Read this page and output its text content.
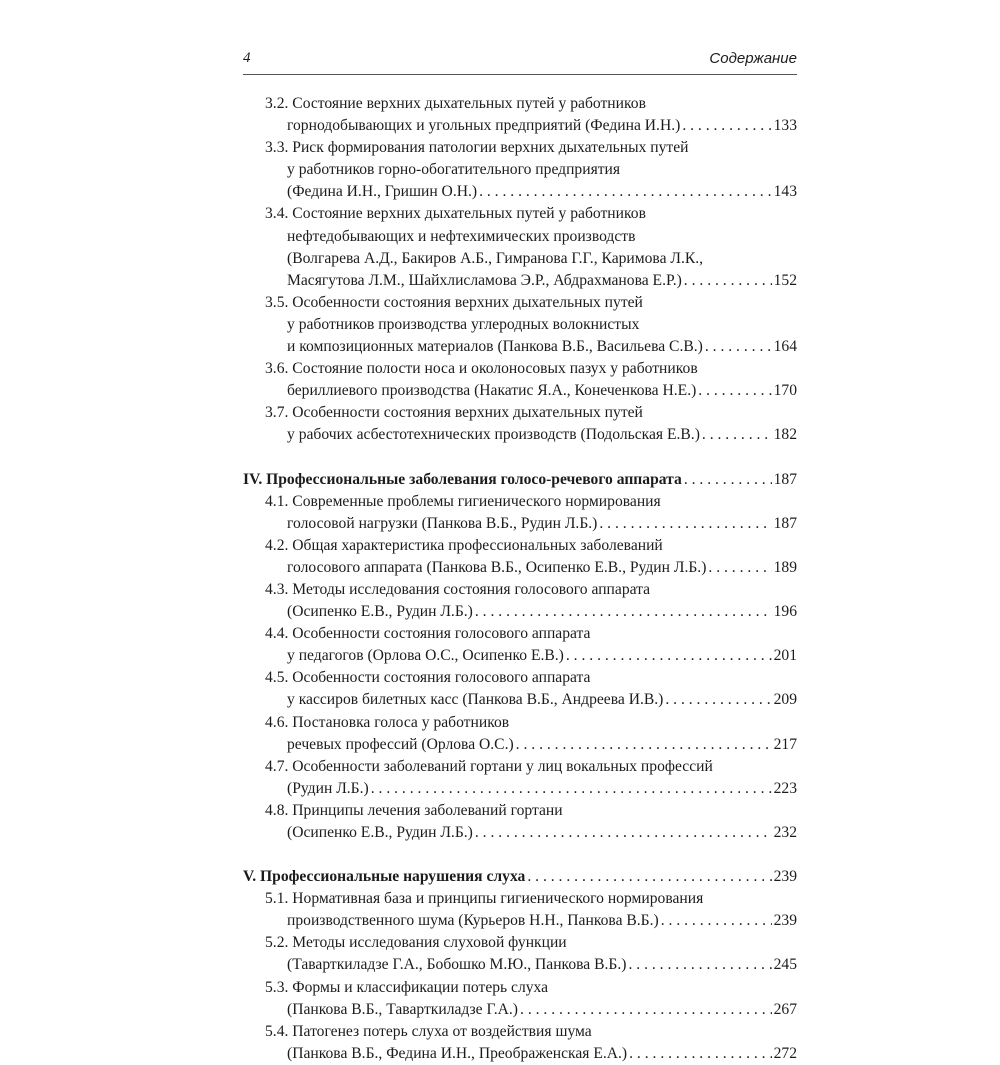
4	Содержание
3.2. Состояние верхних дыхательных путей у работников
горнодобывающих и угольных предприятий (Федина И.Н.) . . .	133
3.3. Риск формирования патологии верхних дыхательных путей
у работников горно-обогатительного предприятия
(Федина И.Н., Гришин О.Н.) . . .	143
3.4. Состояние верхних дыхательных путей у работников
нефтедобывающих и нефтехимических производств
(Волгарева А.Д., Бакиров А.Б., Гимранова Г.Г., Каримова Л.К.,
Масягутова Л.М., Шайхлисламова Э.Р., Абдрахманова Е.Р.) . . .	152
3.5. Особенности состояния верхних дыхательных путей
у работников производства углеродных волокнистых
и композиционных материалов (Панкова В.Б., Васильева С.В.) . . .	164
3.6. Состояние полости носа и околоносовых пазух у работников
бериллиевого производства (Накатис Я.А., Конеченкова Н.Е.) . . .	170
3.7. Особенности состояния верхних дыхательных путей
у рабочих асбестотехнических производств (Подольская Е.В.) . . .	182
IV. Профессиональные заболевания голосо-речевого аппарата . . .	187
4.1. Современные проблемы гигиенического нормирования
голосовой нагрузки (Панкова В.Б., Рудин Л.Б.) . . .	187
4.2. Общая характеристика профессиональных заболеваний
голосового аппарата (Панкова В.Б., Осипенко Е.В., Рудин Л.Б.) . . .	189
4.3. Методы исследования состояния голосового аппарата
(Осипенко Е.В., Рудин Л.Б.) . . .	196
4.4. Особенности состояния голосового аппарата
у педагогов (Орлова О.С., Осипенко Е.В.) . . .	201
4.5. Особенности состояния голосового аппарата
у кассиров билетных касс (Панкова В.Б., Андреева И.В.) . . .	209
4.6. Постановка голоса у работников
речевых профессий (Орлова О.С.) . . .	217
4.7. Особенности заболеваний гортани у лиц вокальных профессий
(Рудин Л.Б.) . . .	223
4.8. Принципы лечения заболеваний гортани
(Осипенко Е.В., Рудин Л.Б.) . . .	232
V. Профессиональные нарушения слуха . . .	239
5.1. Нормативная база и принципы гигиенического нормирования
производственного шума (Курьеров Н.Н., Панкова В.Б.) . . .	239
5.2. Методы исследования слуховой функции
(Таварткиладзе Г.А., Бобошко М.Ю., Панкова В.Б.) . . .	245
5.3. Формы и классификации потерь слуха
(Панкова В.Б., Таварткиладзе Г.А.) . . .	267
5.4. Патогенез потерь слуха от воздействия шума
(Панкова В.Б., Федина И.Н., Преображенская Е.А.) . . .	272
